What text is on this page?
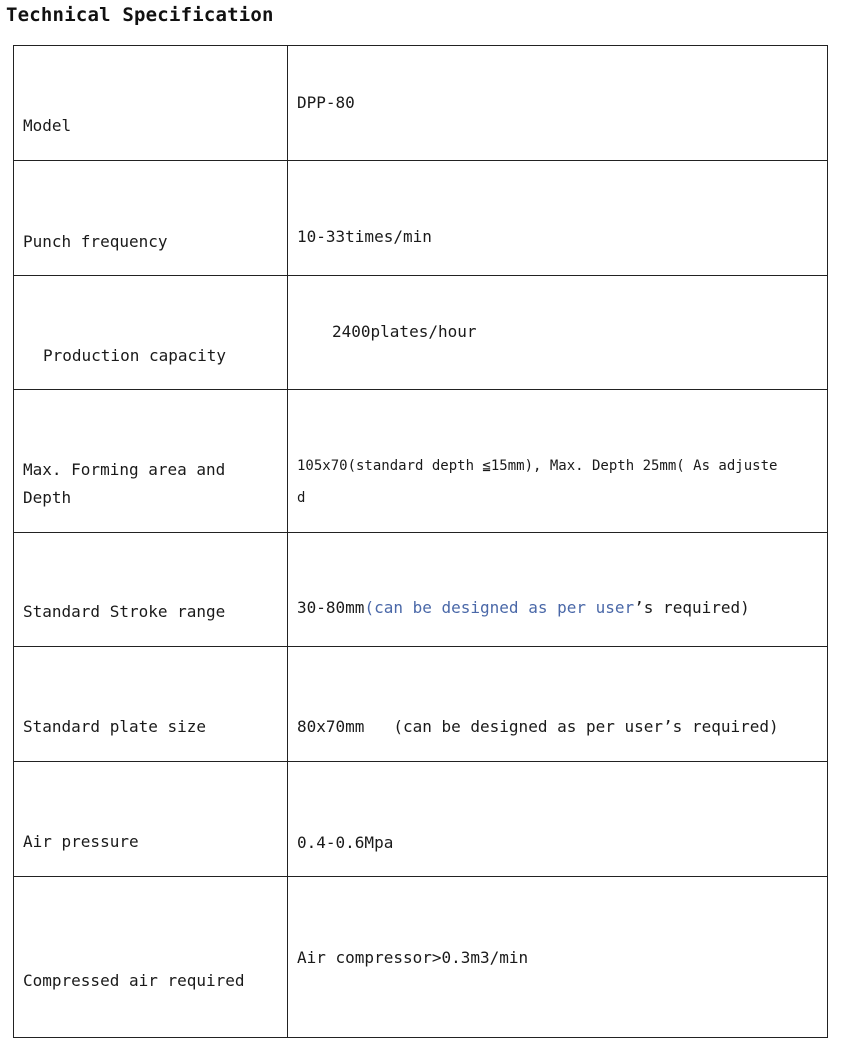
Technical Specification
Model	DPP-80

Punch frequency	10-33times/min

Production capacity	2400plates/hour

Max. Forming area and Depth	105x70(standard depth ≦15mm), Max. Depth 25mm( As adjuste
d

Standard Stroke range	30-80mm(can be designed as per user’s required)

Standard plate size	80x70mm   (can be designed as per user’s required)

Air pressure	0.4-0.6Mpa

Compressed air required	Air compressor>0.3m3/min
